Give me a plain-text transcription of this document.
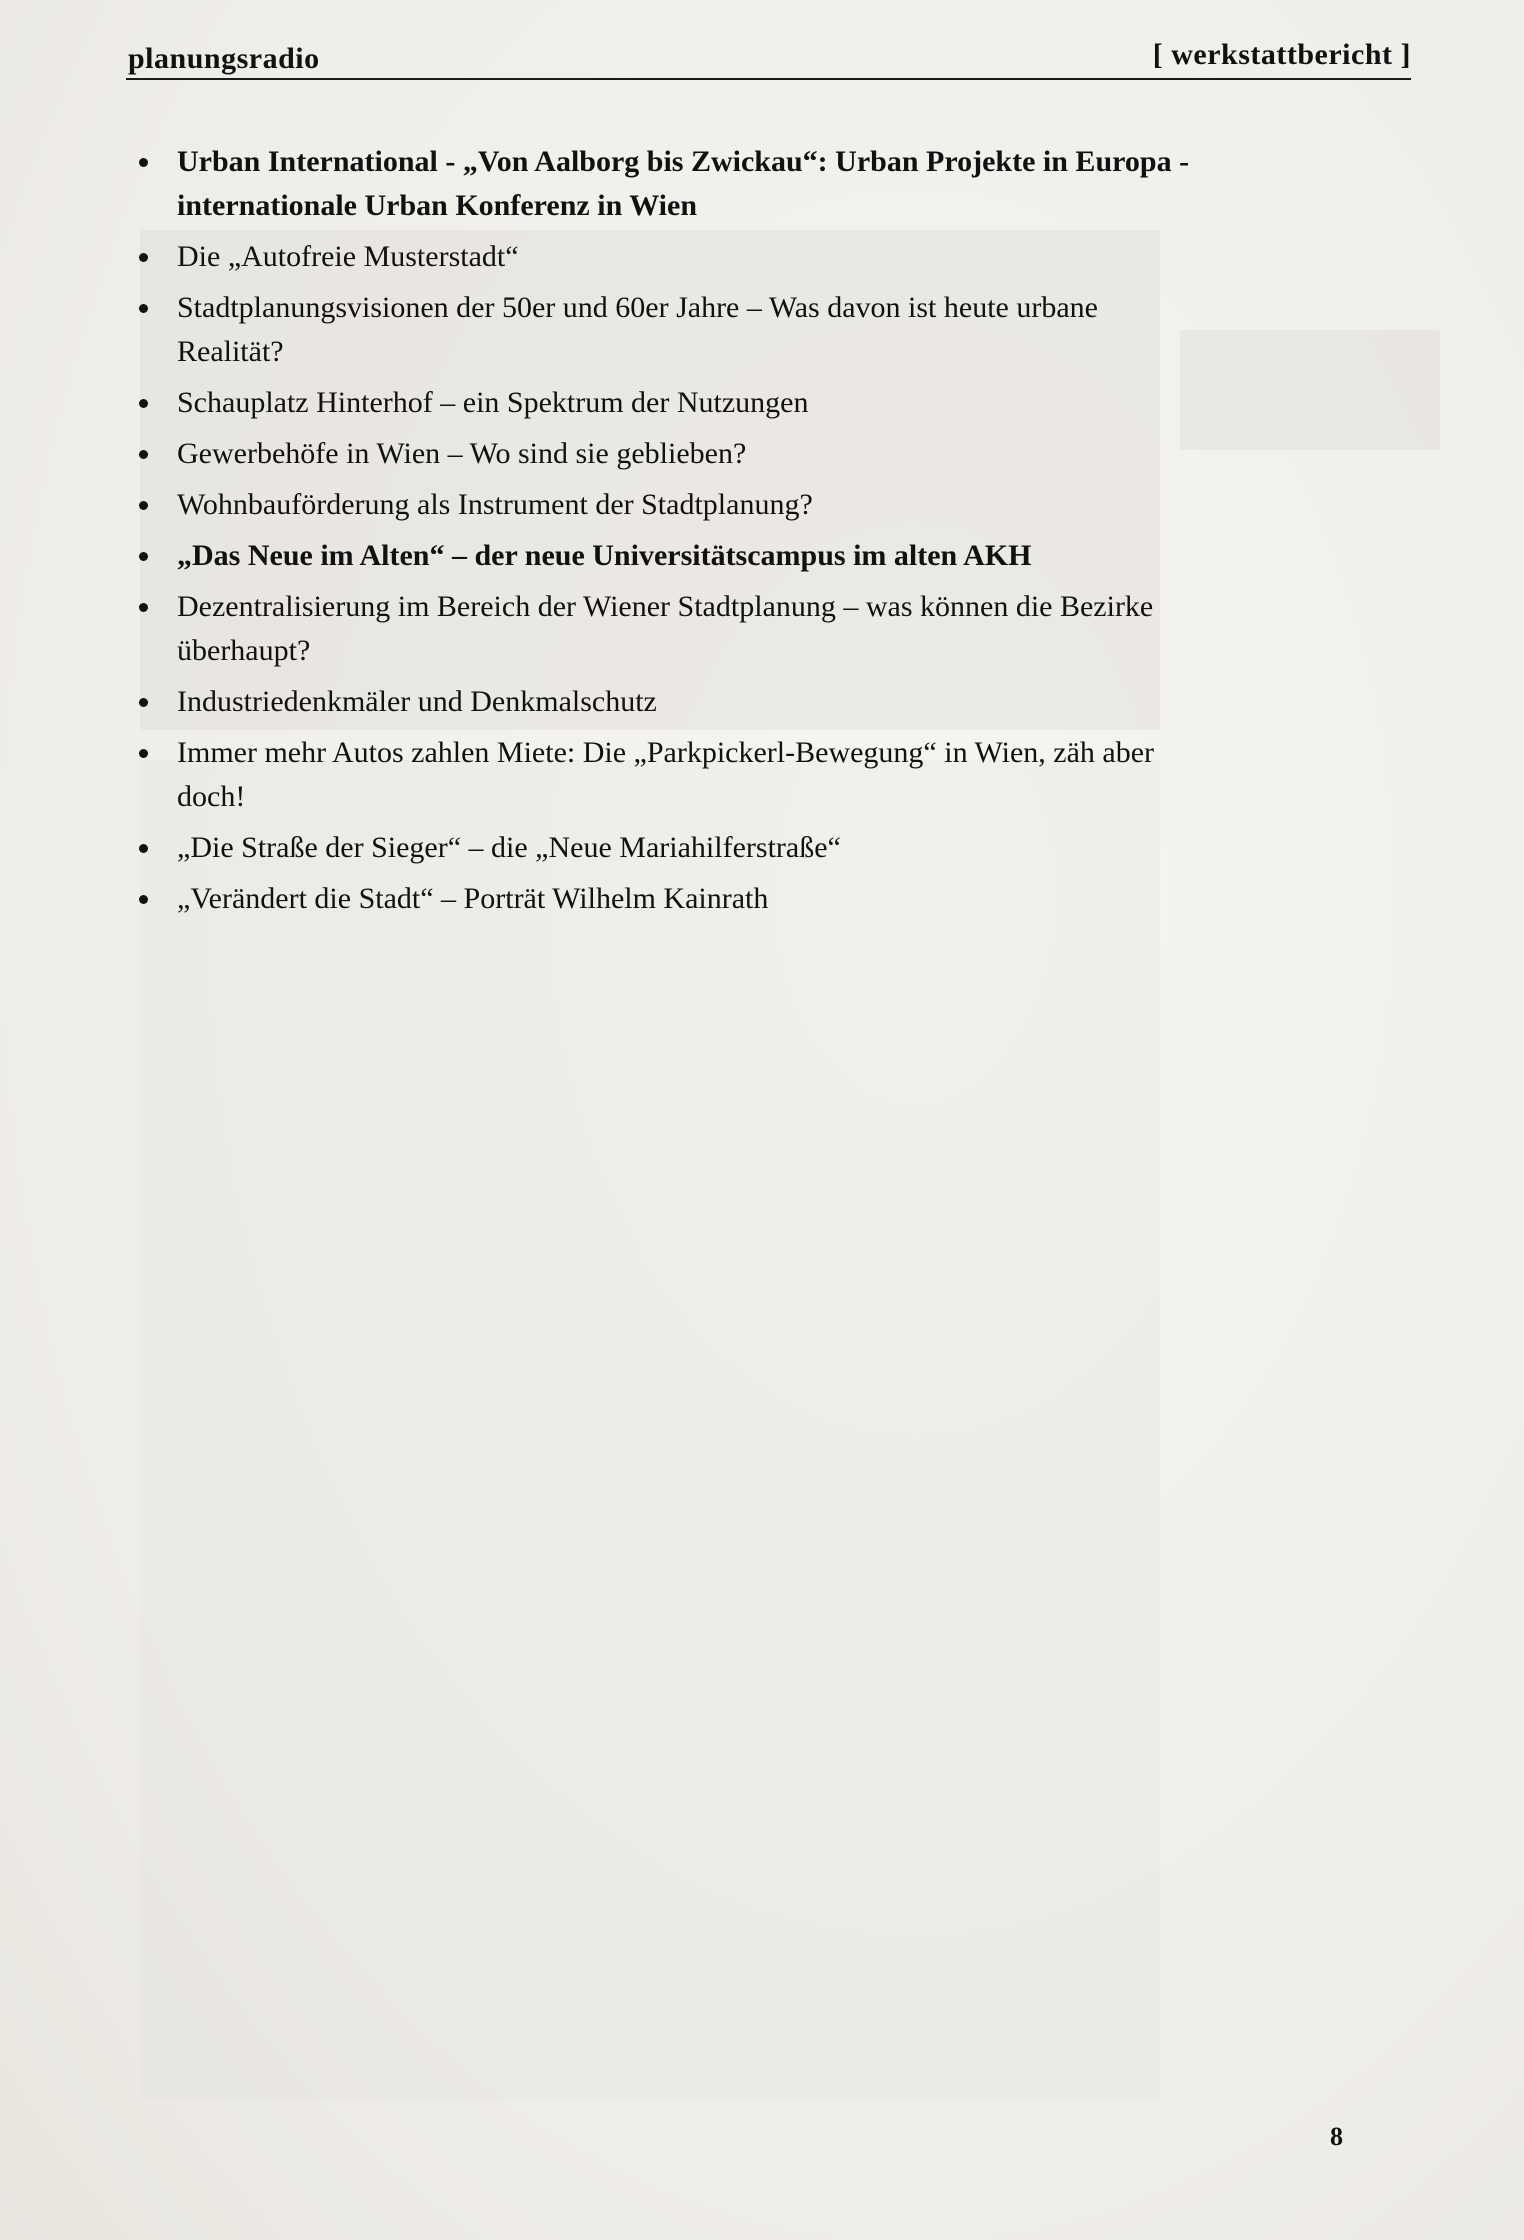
planungsradio	[ werkstattbericht ]
Urban International - „Von Aalborg bis Zwickau“: Urban Projekte in Europa - internationale Urban Konferenz in Wien
Die „Autofreie Musterstadt“
Stadtplanungsvisionen der 50er und 60er Jahre – Was davon ist heute urbane Realität?
Schauplatz Hinterhof – ein Spektrum der Nutzungen
Gewerbehöfe in Wien – Wo sind sie geblieben?
Wohnbauförderung als Instrument der Stadtplanung?
„Das Neue im Alten“ – der neue Universitätscampus im alten AKH
Dezentralisierung im Bereich der Wiener Stadtplanung – was können die Bezirke überhaupt?
Industriedenkmäler und Denkmalschutz
Immer mehr Autos zahlen Miete: Die „Parkpickerl-Bewegung“ in Wien, zäh aber doch!
„Die Straße der Sieger“ – die „Neue Mariahilferstraße“
„Verändert die Stadt“ – Porträt Wilhelm Kainrath
8
